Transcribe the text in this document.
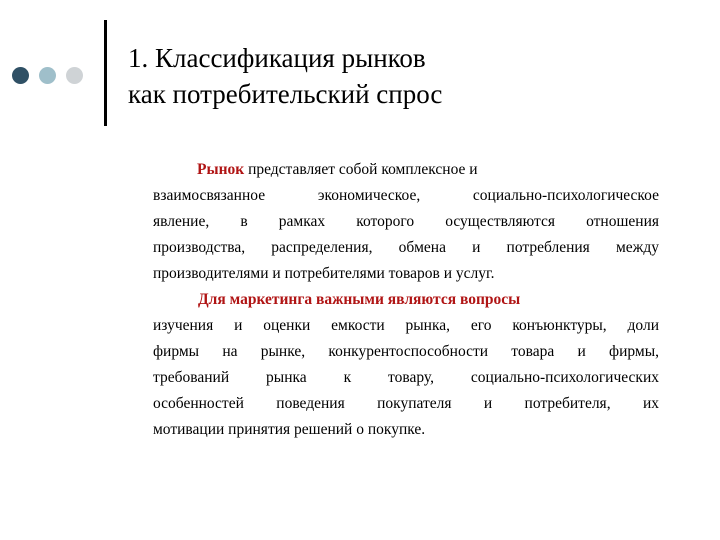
1. Классификация рынков
как потребительский спрос
Рынок представляет собой комплексное и
взаимосвязанное экономическое, социально-психологическое
явление, в рамках которого осуществляются отношения
производства, распределения, обмена и потребления между
производителями и потребителями товаров и услуг.
Для маркетинга важными являются вопросы
изучения и оценки емкости рынка, его конъюнктуры, доли
фирмы на рынке, конкурентоспособности товара и фирмы,
требований рынка к товару, социально-психологических
особенностей поведения покупателя и потребителя, их
мотивации принятия решений о покупке.
